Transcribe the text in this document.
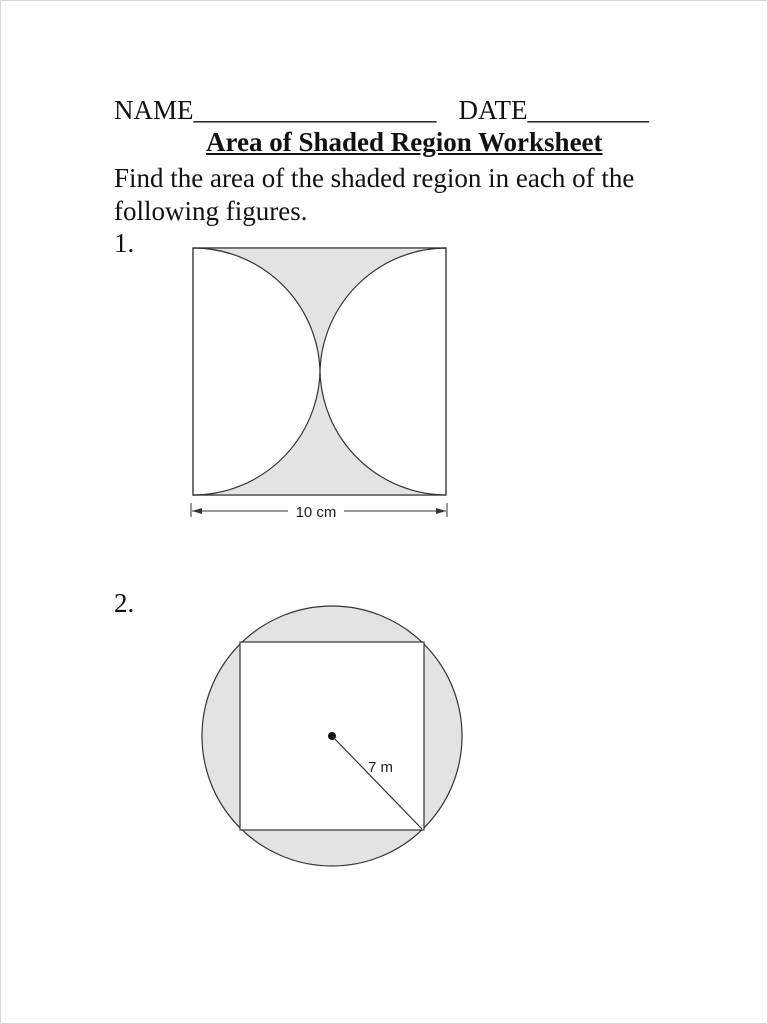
NAME__________________ DATE_________
Area of Shaded Region Worksheet
Find the area of the shaded region in each of the
following figures.
1.
10 cm
2.
7 m
